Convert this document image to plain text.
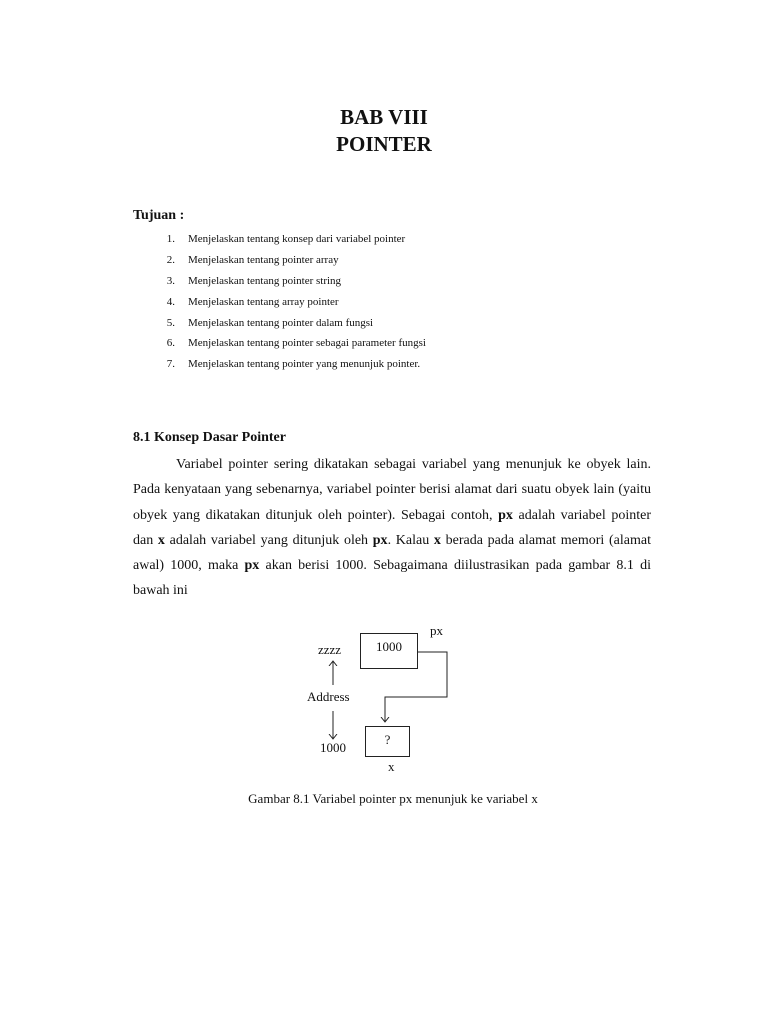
BAB VIII
POINTER

Tujuan :

1. Menjelaskan tentang konsep dari variabel pointer
2. Menjelaskan tentang pointer array
3. Menjelaskan tentang pointer string
4. Menjelaskan tentang array pointer
5. Menjelaskan tentang pointer dalam fungsi
6. Menjelaskan tentang pointer sebagai parameter fungsi
7. Menjelaskan tentang pointer yang menunjuk pointer.

8.1 Konsep Dasar Pointer

Variabel pointer sering dikatakan sebagai variabel yang menunjuk ke obyek lain. Pada kenyataan yang sebenarnya, variabel pointer berisi alamat dari suatu obyek lain (yaitu obyek yang dikatakan ditunjuk oleh pointer). Sebagai contoh, px adalah variabel pointer dan x adalah variabel yang ditunjuk oleh px. Kalau x berada pada alamat memori (alamat awal) 1000, maka px akan berisi 1000. Sebagaimana diilustrasikan pada gambar 8.1 di bawah ini

1000
px
zzzz
Address
1000
?
x

Gambar 8.1 Variabel pointer px menunjuk ke variabel x
